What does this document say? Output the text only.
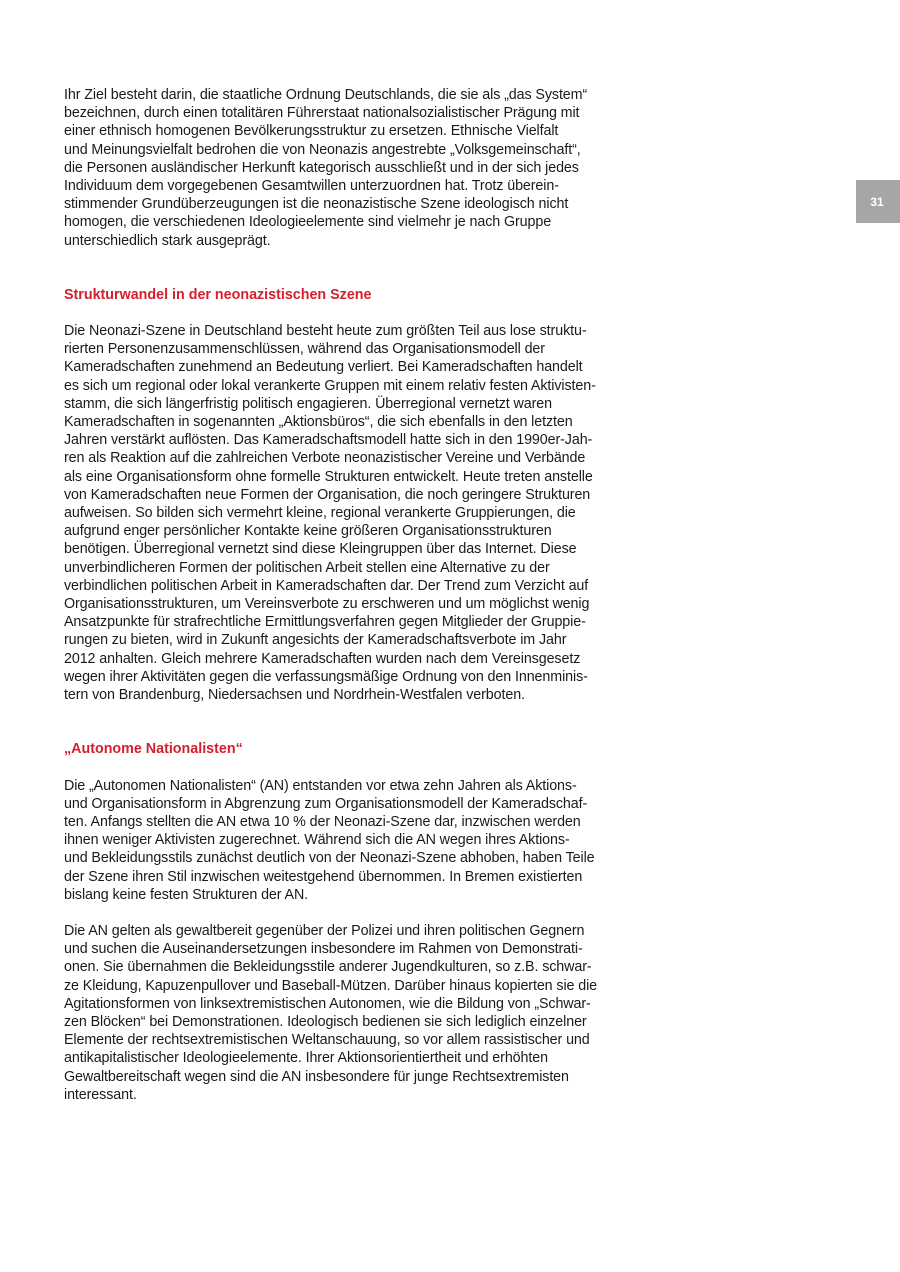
Ihr Ziel besteht darin, die staatliche Ordnung Deutschlands, die sie als „das System“
bezeichnen, durch einen totalitären Führerstaat nationalsozialistischer Prägung mit
einer ethnisch homogenen Bevölkerungsstruktur zu ersetzen. Ethnische Vielfalt
und Meinungsvielfalt bedrohen die von Neonazis angestrebte „Volksgemeinschaft“,
die Personen ausländischer Herkunft kategorisch ausschließt und in der sich jedes
Individuum dem vorgegebenen Gesamtwillen unterzuordnen hat. Trotz überein-
stimmender Grundüberzeugungen ist die neonazistische Szene ideologisch nicht
homogen, die verschiedenen Ideologieelemente sind vielmehr je nach Gruppe
unterschiedlich stark ausgeprägt.

Strukturwandel in der neonazistischen Szene

Die Neonazi-Szene in Deutschland besteht heute zum größten Teil aus lose struktu-
rierten Personenzusammenschlüssen, während das Organisationsmodell der
Kameradschaften zunehmend an Bedeutung verliert. Bei Kameradschaften handelt
es sich um regional oder lokal verankerte Gruppen mit einem relativ festen Aktivisten-
stamm, die sich längerfristig politisch engagieren. Überregional vernetzt waren
Kameradschaften in sogenannten „Aktionsbüros“, die sich ebenfalls in den letzten
Jahren verstärkt auflösten. Das Kameradschaftsmodell hatte sich in den 1990er-Jah-
ren als Reaktion auf die zahlreichen Verbote neonazistischer Vereine und Verbände
als eine Organisationsform ohne formelle Strukturen entwickelt. Heute treten anstelle
von Kameradschaften neue Formen der Organisation, die noch geringere Strukturen
aufweisen. So bilden sich vermehrt kleine, regional verankerte Gruppierungen, die
aufgrund enger persönlicher Kontakte keine größeren Organisationsstrukturen
benötigen. Überregional vernetzt sind diese Kleingruppen über das Internet. Diese
unverbindlicheren Formen der politischen Arbeit stellen eine Alternative zu der
verbindlichen politischen Arbeit in Kameradschaften dar. Der Trend zum Verzicht auf
Organisationsstrukturen, um Vereinsverbote zu erschweren und um möglichst wenig
Ansatzpunkte für strafrechtliche Ermittlungsverfahren gegen Mitglieder der Gruppie-
rungen zu bieten, wird in Zukunft angesichts der Kameradschaftsverbote im Jahr
2012 anhalten. Gleich mehrere Kameradschaften wurden nach dem Vereinsgesetz
wegen ihrer Aktivitäten gegen die verfassungsmäßige Ordnung von den Innenminis-
tern von Brandenburg, Niedersachsen und Nordrhein-Westfalen verboten.

„Autonome Nationalisten“

Die „Autonomen Nationalisten“ (AN) entstanden vor etwa zehn Jahren als Aktions-
und Organisationsform in Abgrenzung zum Organisationsmodell der Kameradschaf-
ten. Anfangs stellten die AN etwa 10 % der Neonazi-Szene dar, inzwischen werden
ihnen weniger Aktivisten zugerechnet. Während sich die AN wegen ihres Aktions-
und Bekleidungsstils zunächst deutlich von der Neonazi-Szene abhoben, haben Teile
der Szene ihren Stil inzwischen weitestgehend übernommen. In Bremen existierten
bislang keine festen Strukturen der AN.

Die AN gelten als gewaltbereit gegenüber der Polizei und ihren politischen Gegnern
und suchen die Auseinandersetzungen insbesondere im Rahmen von Demonstrati-
onen. Sie übernahmen die Bekleidungsstile anderer Jugendkulturen, so z.B. schwar-
ze Kleidung, Kapuzenpullover und Baseball-Mützen. Darüber hinaus kopierten sie die
Agitationsformen von linksextremistischen Autonomen, wie die Bildung von „Schwar-
zen Blöcken“ bei Demonstrationen. Ideologisch bedienen sie sich lediglich einzelner
Elemente der rechtsextremistischen Weltanschauung, so vor allem rassistischer und
antikapitalistischer Ideologieelemente. Ihrer Aktionsorientiertheit und erhöhten
Gewaltbereitschaft wegen sind die AN insbesondere für junge Rechtsextremisten
interessant.

31
